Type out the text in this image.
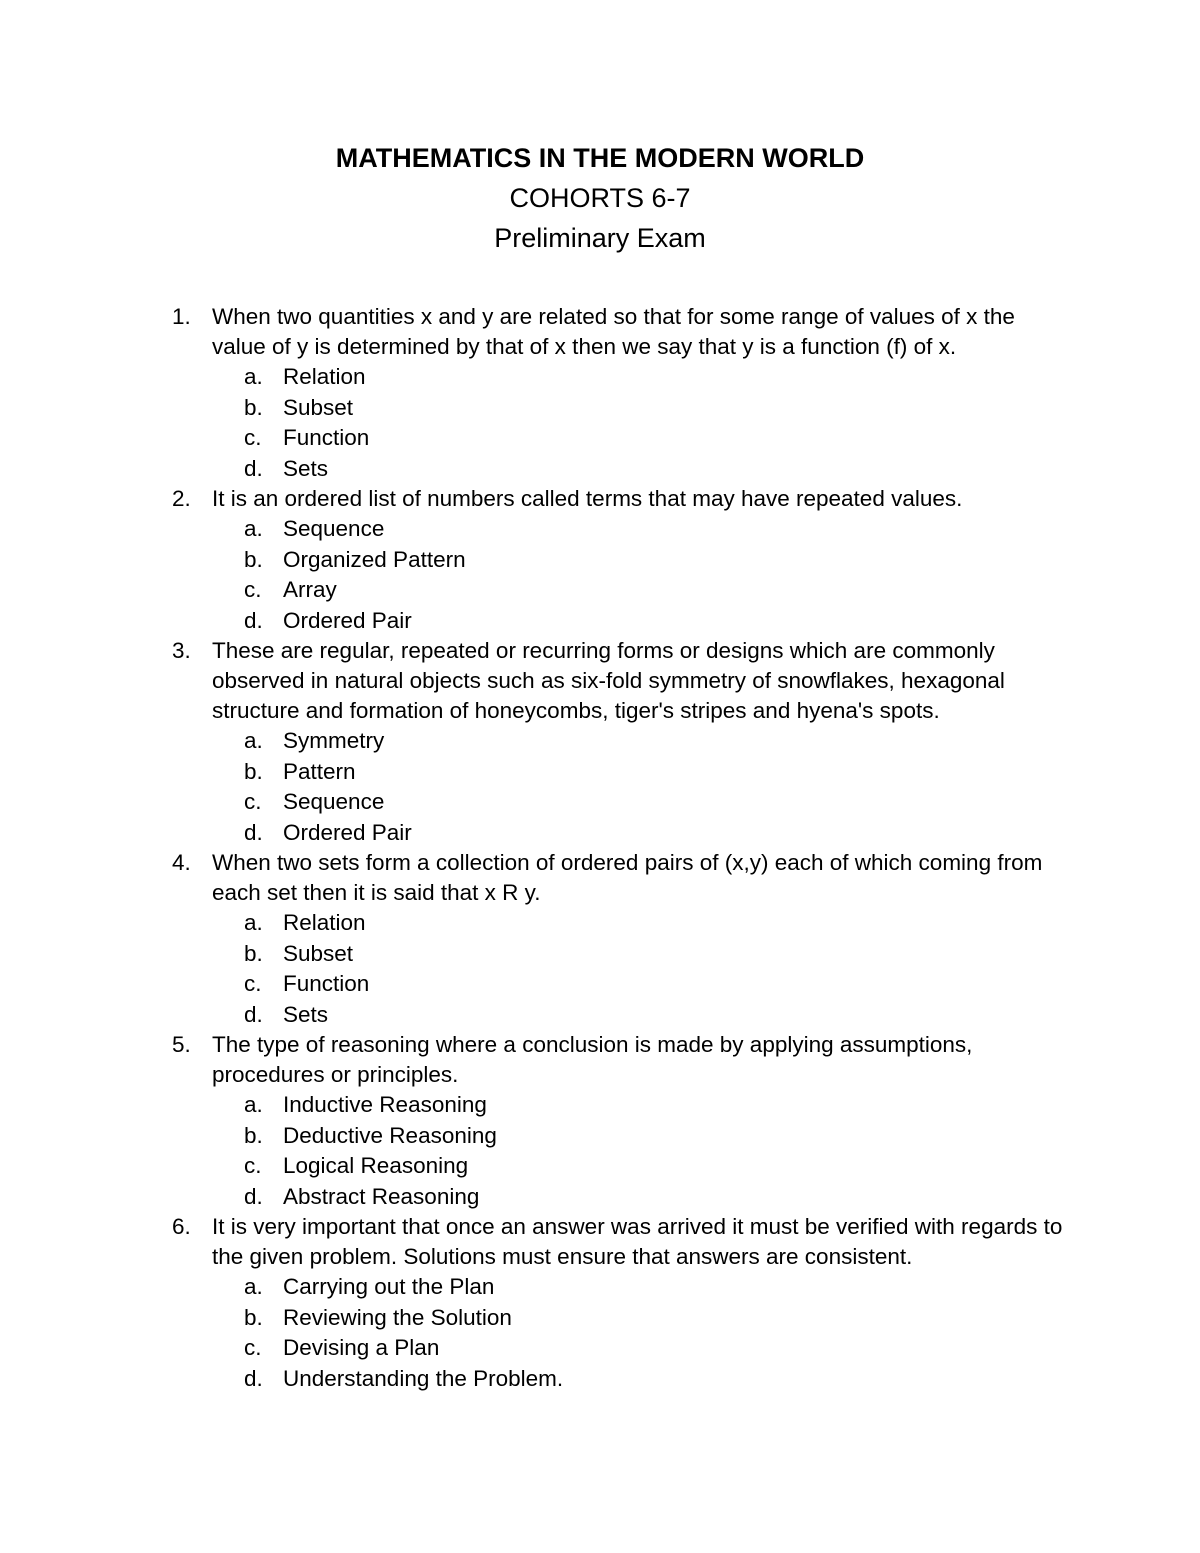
MATHEMATICS IN THE MODERN WORLD
COHORTS 6-7
Preliminary Exam
1. When two quantities x and y are related so that for some range of values of x the value of y is determined by that of x then we say that y is a function (f) of x.
a. Relation
b. Subset
c. Function
d. Sets
2. It is an ordered list of numbers called terms that may have repeated values.
a. Sequence
b. Organized Pattern
c. Array
d. Ordered Pair
3. These are regular, repeated or recurring forms or designs which are commonly observed in natural objects such as six-fold symmetry of snowflakes, hexagonal structure and formation of honeycombs, tiger's stripes and hyena's spots.
a. Symmetry
b. Pattern
c. Sequence
d. Ordered Pair
4. When two sets form a collection of ordered pairs of (x,y) each of which coming from each set then it is said that x R y.
a. Relation
b. Subset
c. Function
d. Sets
5. The type of reasoning where a conclusion is made by applying assumptions, procedures or principles.
a. Inductive Reasoning
b. Deductive Reasoning
c. Logical Reasoning
d. Abstract Reasoning
6. It is very important that once an answer was arrived it must be verified with regards to the given problem. Solutions must ensure that answers are consistent.
a. Carrying out the Plan
b. Reviewing the Solution
c. Devising a Plan
d. Understanding the Problem.
